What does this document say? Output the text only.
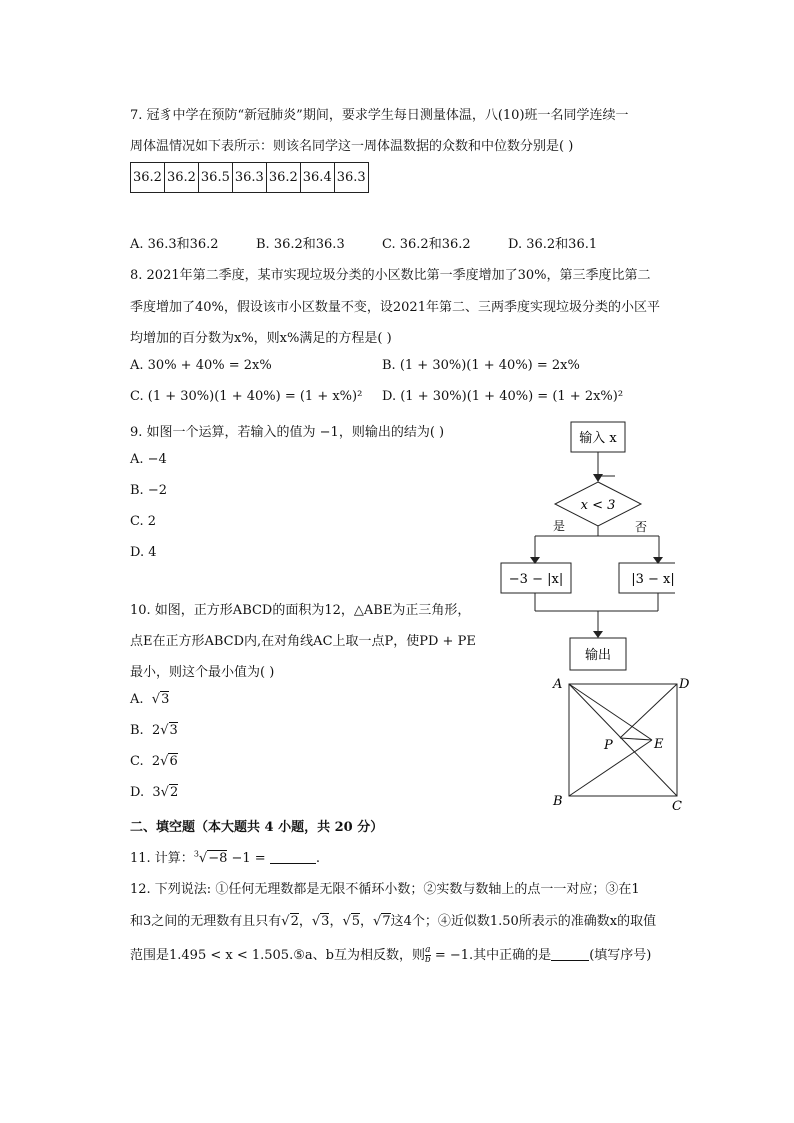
7. 冠豸中学在预防“新冠肺炎”期间，要求学生每日测量体温，八(10)班一名同学连续一
周体温情况如下表所示：则该名同学这一周体温数据的众数和中位数分别是( )
36.2	36.2	36.5	36.3	36.2	36.4	36.3
A. 36.3和36.2	B. 36.2和36.3	C. 36.2和36.2	D. 36.2和36.1
8. 2021年第二季度，某市实现垃圾分类的小区数比第一季度增加了30%，第三季度比第二
季度增加了40%，假设该市小区数量不变，设2021年第二、三两季度实现垃圾分类的小区平
均增加的百分数为x%，则x%满足的方程是( )
A. 30% + 40% = 2x%	B. (1 + 30%)(1 + 40%) = 2x%
C. (1 + 30%)(1 + 40%) = (1 + x%)² D. (1 + 30%)(1 + 40%) = (1 + 2x%)²
9. 如图一个运算，若输入的值为 −1，则输出的结为( )
A. −4
B. −2
C. 2
D. 4
输入 x
x < 3
是	否
−3 − |x|	|3 − x|
输出
10. 如图，正方形ABCD的面积为12，△ABE为正三角形，
点E在正方形ABCD内,在对角线AC上取一点P，使PD + PE
最小，则这个最小值为( )
A. √3
B. 2√3
C. 2√6
D. 3√2
A	D
B	C
P	E
二、填空题（本大题共 4 小题，共 20 分）
11. 计算：$^3$√−8 −1 =	.
12. 下列说法: ①任何无理数都是无限不循环小数；②实数与数轴上的点一一对应；③在1
和3之间的无理数有且只有√2，√3，√5，√7这4个；④近似数1.50所表示的准确数x的取值
范围是1.495 < x < 1.505.⑤a、b互为相反数，则 $\frac{a}{b} = -1$.其中正确的是	(填写序号)
